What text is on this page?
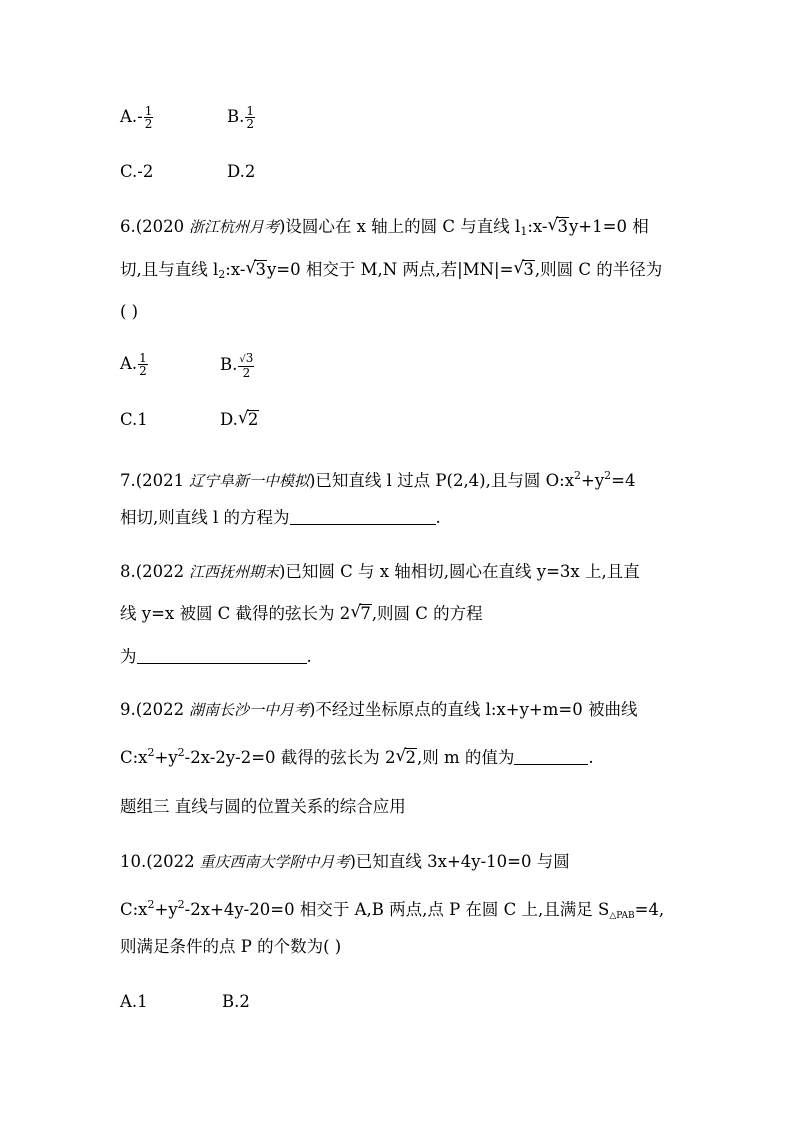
$A.- \frac{1}{2}$	B. $\frac{1}{2}$
C.-2	D.2
6.(2020 浙江杭州月考)设圆心在 x 轴上的圆 C 与直线 $l_1:x-$ √ 3y+1=0 相
切,且与直线 $l_2:x-$ √ 3y=0 相交于 M,N 两点,若|MN|= √ 3,则圆 C 的半径为
( )
A. $\frac{1}{2}$	B. $\frac{√3}{2}$
C.1	D. √ 2
7.(2021 辽宁阜新一中模拟)已知直线 l 过点 P(2,4),且与圆 $O:x^2+y^2=4$
相切,则直线 l 的方程为	.
8.(2022 江西抚州期末)已知圆 C 与 x 轴相切,圆心在直线 y=3x 上,且直
线 y=x 被圆 C 截得的弦长为 2 √ 7,则圆 C 的方程
为	.
9.(2022 湖南长沙一中月考)不经过坐标原点的直线 l:x+y+m=0 被曲线
$C:x^2+y^2-2x-2y-2=0$ 截得的弦长为 2 √ 2,则 m 的值为	.
题组三 直线与圆的位置关系的综合应用
10.(2022 重庆西南大学附中月考)已知直线 3x+4y-10=0 与圆
$C:x^2+y^2-2x+4y-20=0$ 相交于 A,B 两点,点 P 在圆 C 上,且满足 $S_{\triangle PAB}=4$,
则满足条件的点 P 的个数为( )
A.1	B.2
